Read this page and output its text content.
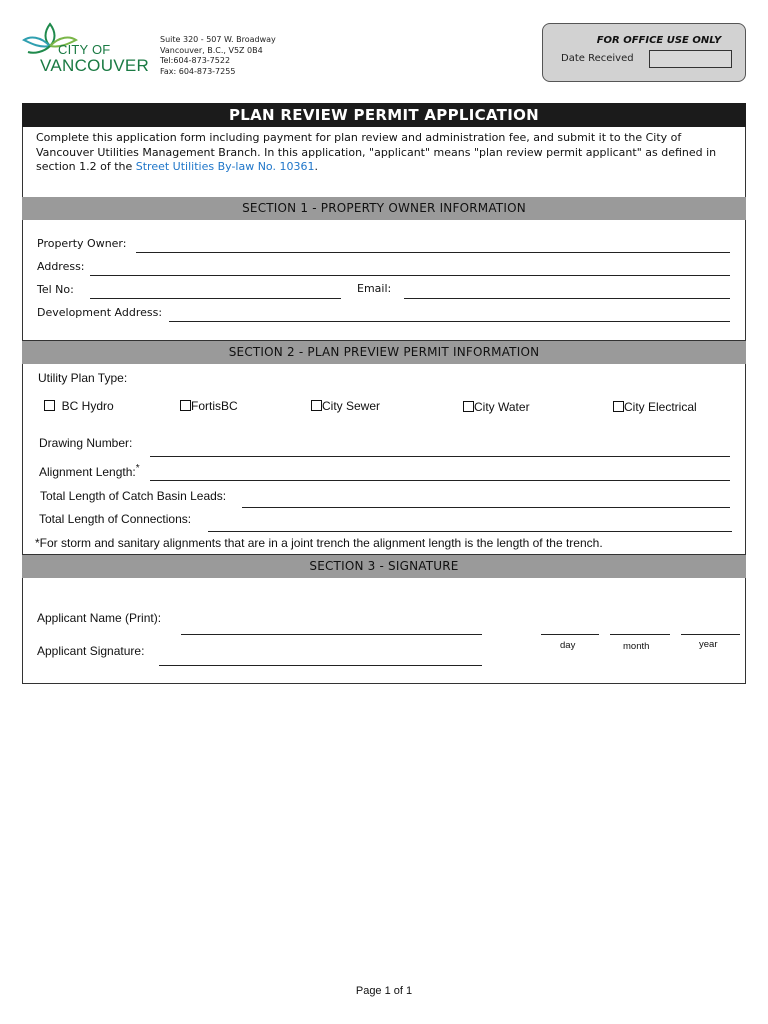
CITY OF
VANCOUVER
Suite 320 - 507 W. Broadway
Vancouver, B.C., V5Z 0B4
Tel:604-873-7522
Fax: 604-873-7255
FOR OFFICE USE ONLY
Date Received
PLAN REVIEW PERMIT APPLICATION
Complete this application form including payment for plan review and administration fee, and submit it to the City of Vancouver Utilities Management Branch. In this application, "applicant" means "plan review permit applicant" as defined in section 1.2 of the Street Utilities By-law No. 10361.
SECTION 1 - PROPERTY OWNER INFORMATION
Property Owner:
Address:
Tel No:	Email:
Development Address:
SECTION 2 - PLAN PREVIEW PERMIT INFORMATION
Utility Plan Type:
BC Hydro	FortisBC	City Sewer	City Water	City Electrical
Drawing Number:
Alignment Length:*
Total Length of Catch Basin Leads:
Total Length of Connections:
*For storm and sanitary alignments that are in a joint trench the alignment length is the length of the trench.
SECTION 3 - SIGNATURE
Applicant Name (Print):
day	month	year
Applicant Signature:
Page 1 of 1
